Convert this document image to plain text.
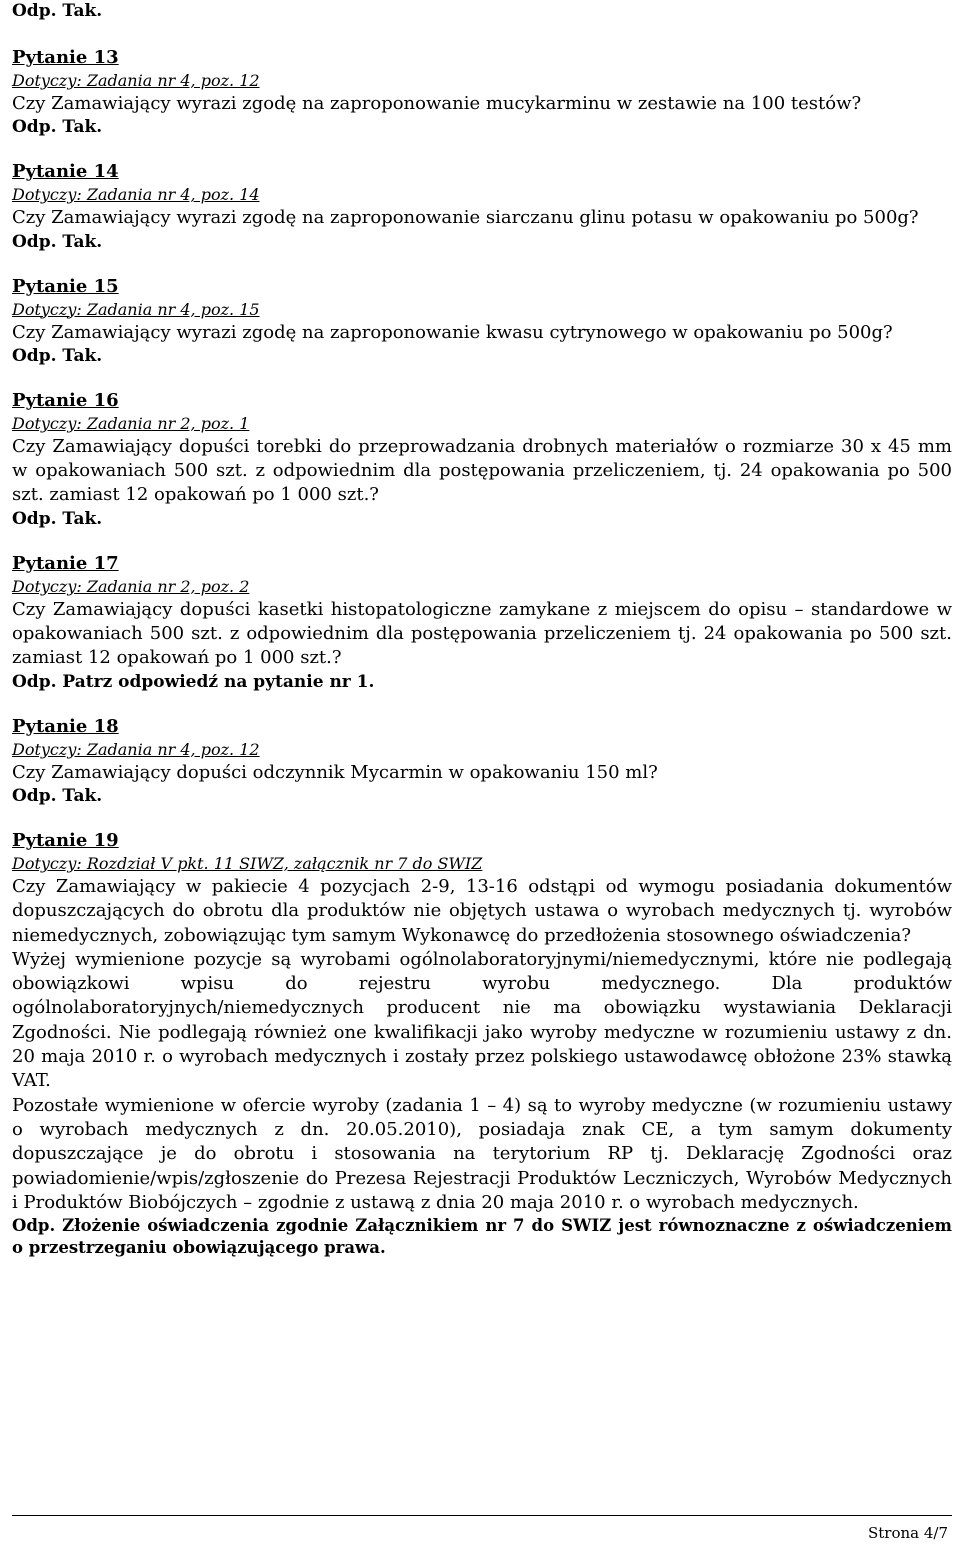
Odp. Tak.

Pytanie 13

Dotyczy: Zadania nr 4, poz. 12

Czy Zamawiający wyrazi zgodę na zaproponowanie mucykarminu w zestawie na 100 testów?

Odp. Tak.

Pytanie 14

Dotyczy: Zadania nr 4, poz. 14

Czy Zamawiający wyrazi zgodę na zaproponowanie siarczanu glinu potasu w opakowaniu po 500g?

Odp. Tak.

Pytanie 15

Dotyczy: Zadania nr 4, poz. 15

Czy Zamawiający wyrazi zgodę na zaproponowanie kwasu cytrynowego w opakowaniu po 500g?

Odp. Tak.

Pytanie 16

Dotyczy: Zadania nr 2, poz. 1

Czy Zamawiający dopuści torebki do przeprowadzania drobnych materiałów o rozmiarze 30 x 45 mm w opakowaniach 500 szt. z odpowiednim dla postępowania przeliczeniem, tj. 24 opakowania po 500 szt. zamiast 12 opakowań po 1 000 szt.?

Odp. Tak.

Pytanie 17

Dotyczy: Zadania nr 2, poz. 2

Czy Zamawiający dopuści kasetki histopatologiczne zamykane z miejscem do opisu – standardowe w opakowaniach 500 szt. z odpowiednim dla postępowania przeliczeniem tj. 24 opakowania po 500 szt. zamiast 12 opakowań po 1 000 szt.?

Odp. Patrz odpowiedź na pytanie nr 1.

Pytanie 18

Dotyczy: Zadania nr 4, poz. 12

Czy Zamawiający dopuści odczynnik Mycarmin w opakowaniu 150 ml?

Odp. Tak.

Pytanie 19

Dotyczy: Rozdział V pkt. 11 SIWZ, załącznik nr 7 do SWIZ

Czy Zamawiający w pakiecie 4 pozycjach 2-9, 13-16 odstąpi od wymogu posiadania dokumentów dopuszczających do obrotu dla produktów nie objętych ustawa o wyrobach medycznych tj. wyrobów niemedycznych, zobowiązując tym samym Wykonawcę do przedłożenia stosownego oświadczenia?

Wyżej wymienione pozycje są wyrobami ogólnolaboratoryjnymi/niemedycznymi, które nie podlegają obowiązkowi wpisu do rejestru wyrobu medycznego. Dla produktów ogólnolaboratoryjnych/niemedycznych producent nie ma obowiązku wystawiania Deklaracji Zgodności. Nie podlegają również one kwalifikacji jako wyroby medyczne w rozumieniu ustawy z dn. 20 maja 2010 r. o wyrobach medycznych i zostały przez polskiego ustawodawcę obłożone 23% stawką VAT.

Pozostałe wymienione w ofercie wyroby (zadania 1 – 4) są to wyroby medyczne (w rozumieniu ustawy o wyrobach medycznych z dn. 20.05.2010), posiadaja znak CE, a tym samym dokumenty dopuszczające je do obrotu i stosowania na terytorium RP tj. Deklarację Zgodności oraz powiadomienie/wpis/zgłoszenie do Prezesa Rejestracji Produktów Leczniczych, Wyrobów Medycznych i Produktów Biobójczych – zgodnie z ustawą z dnia 20 maja 2010 r. o wyrobach medycznych.

Odp. Złożenie oświadczenia zgodnie Załącznikiem nr 7 do SWIZ jest równoznaczne z oświadczeniem o przestrzeganiu obowiązującego prawa.

Strona 4/7
